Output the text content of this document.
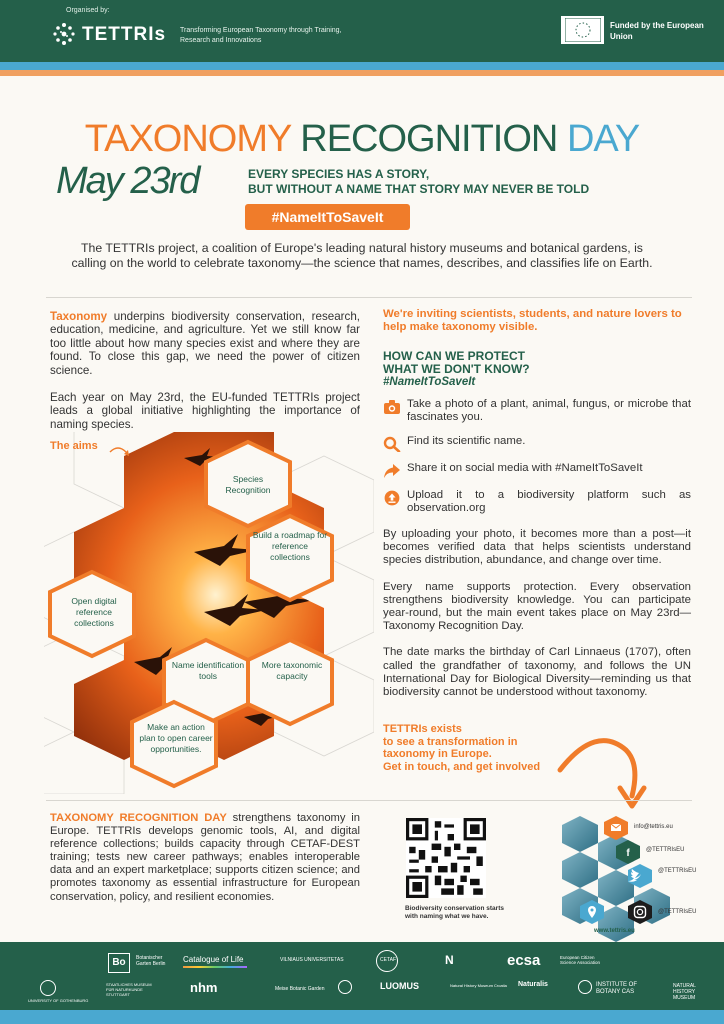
Organised by:
TETTRIs Transforming European Taxonomy through Training, Research and Innovations
Funded by the European Union
TAXONOMY RECOGNITION DAY
May 23rd	EVERY SPECIES HAS A STORY,
BUT WITHOUT A NAME THAT STORY MAY NEVER BE TOLD
#NameItToSaveIt
The TETTRIs project, a coalition of Europe's leading natural history museums and botanical gardens, is calling on the world to celebrate taxonomy—the science that names, describes, and classifies life on Earth.

Taxonomy underpins biodiversity conservation, research, education, medicine, and agriculture. Yet we still know far too little about how many species exist and where they are found. To close this gap, we need the power of citizen science.

Each year on May 23rd, the EU-funded TETTRIs project leads a global initiative highlighting the importance of naming species.

The aims
Species Recognition
Build a roadmap for reference collections
Open digital reference collections
Name identification tools
More taxonomic capacity
Make an action plan to open career opportunities.
We're inviting scientists, students, and nature lovers to help make taxonomy visible.
HOW CAN WE PROTECT
WHAT WE DON'T KNOW?
#NameItToSaveIt
Take a photo of a plant, animal, fungus, or microbe that fascinates you.
Find its scientific name.
Share it on social media with #NameItToSaveIt
Upload it to a biodiversity platform such as observation.org
By uploading your photo, it becomes more than a post—it becomes verified data that helps scientists understand species distribution, abundance, and change over time.
Every name supports protection. Every observation strengthens biodiversity knowledge. You can participate year-round, but the main event takes place on May 23rd—Taxonomy Recognition Day.
The date marks the birthday of Carl Linnaeus (1707), often called the grandfather of taxonomy, and follows the UN International Day for Biological Diversity—reminding us that biodiversity cannot be understood without taxonomy.
TETTRIs exists
to see a transformation in
taxonomy in Europe.
Get in touch, and get involved
TAXONOMY RECOGNITION DAY strengthens taxonomy in Europe. TETTRIs develops genomic tools, AI, and digital reference collections; builds capacity through CETAF-DEST training; tests new career pathways; enables interoperable data and an expert marketplace; supports citizen science; and promotes taxonomy as essential infrastructure for European conservation, policy, and resilient economies.
Biodiversity conservation starts with naming what we have.
f
info@tettris.eu
@TETTRIsEU
@TETTRIsEU
@TETTRIsEU
www.tettris.eu
Bo	Botanischer Garten Berlin	Catalogue of Life	VILNIAUS UNIVERSITETAS	CETAF	N	ecsa	European Citizen Science Association
UNIVERSITY OF GOTHENBURG
STAATLICHES MUSEUM FÜR NATURKUNDE STUTTGART	nhm	Meise Botanic Garden	LUOMUS	Natural History Museum Croatia Naturalis	INSTITUTE OF BOTANY CAS
NATURAL HISTORY MUSEUM
